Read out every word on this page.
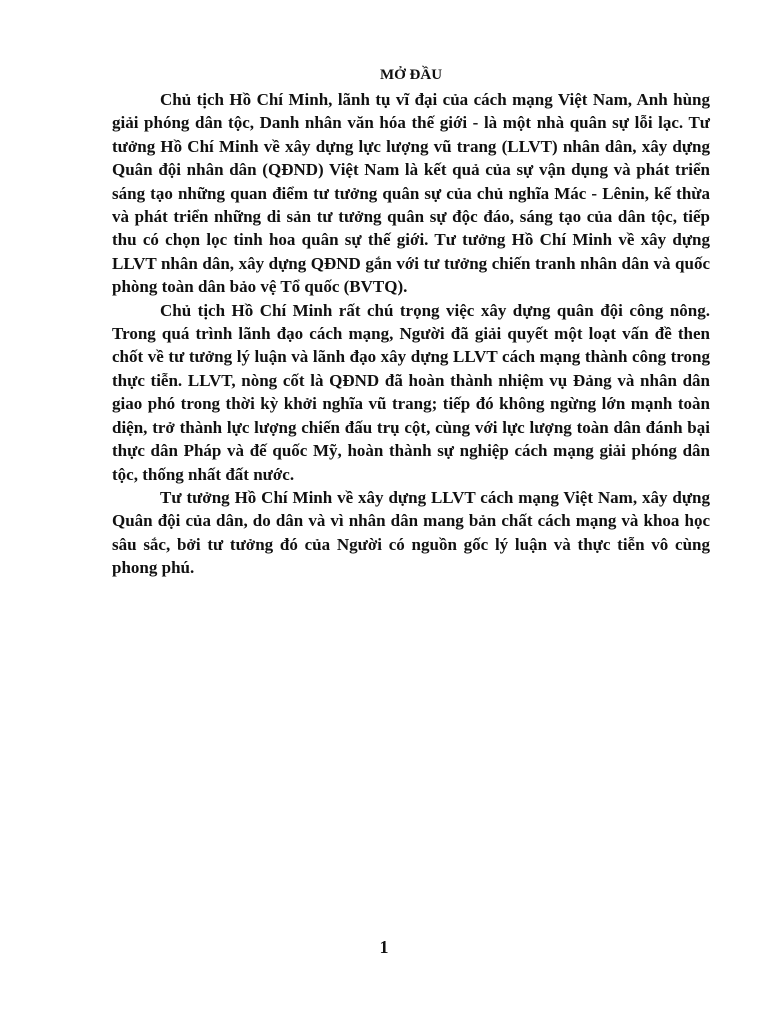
MỞ ĐẦU

Chủ tịch Hồ Chí Minh, lãnh tụ vĩ đại của cách mạng Việt Nam, Anh hùng giải phóng dân tộc, Danh nhân văn hóa thế giới - là một nhà quân sự lỗi lạc. Tư tưởng Hồ Chí Minh về xây dựng lực lượng vũ trang (LLVT) nhân dân, xây dựng Quân đội nhân dân (QĐND) Việt Nam là kết quả của sự vận dụng và phát triển sáng tạo những quan điểm tư tưởng quân sự của chủ nghĩa Mác - Lênin, kế thừa và phát triển những di sản tư tưởng quân sự độc đáo, sáng tạo của dân tộc, tiếp thu có chọn lọc tinh hoa quân sự thế giới. Tư tưởng Hồ Chí Minh về xây dựng LLVT nhân dân, xây dựng QĐND gắn với tư tưởng chiến tranh nhân dân và quốc phòng toàn dân bảo vệ Tổ quốc (BVTQ).

Chủ tịch Hồ Chí Minh rất chú trọng việc xây dựng quân đội công nông. Trong quá trình lãnh đạo cách mạng, Người đã giải quyết một loạt vấn đề then chốt về tư tưởng lý luận và lãnh đạo xây dựng LLVT cách mạng thành công trong thực tiễn. LLVT, nòng cốt là QĐND đã hoàn thành nhiệm vụ Đảng và nhân dân giao phó trong thời kỳ khởi nghĩa vũ trang; tiếp đó không ngừng lớn mạnh toàn diện, trở thành lực lượng chiến đấu trụ cột, cùng với lực lượng toàn dân đánh bại thực dân Pháp và đế quốc Mỹ, hoàn thành sự nghiệp cách mạng giải phóng dân tộc, thống nhất đất nước.

Tư tưởng Hồ Chí Minh về xây dựng LLVT cách mạng Việt Nam, xây dựng Quân đội của dân, do dân và vì nhân dân mang bản chất cách mạng và khoa học sâu sắc, bởi tư tưởng đó của Người có nguồn gốc lý luận và thực tiễn vô cùng phong phú.

1
